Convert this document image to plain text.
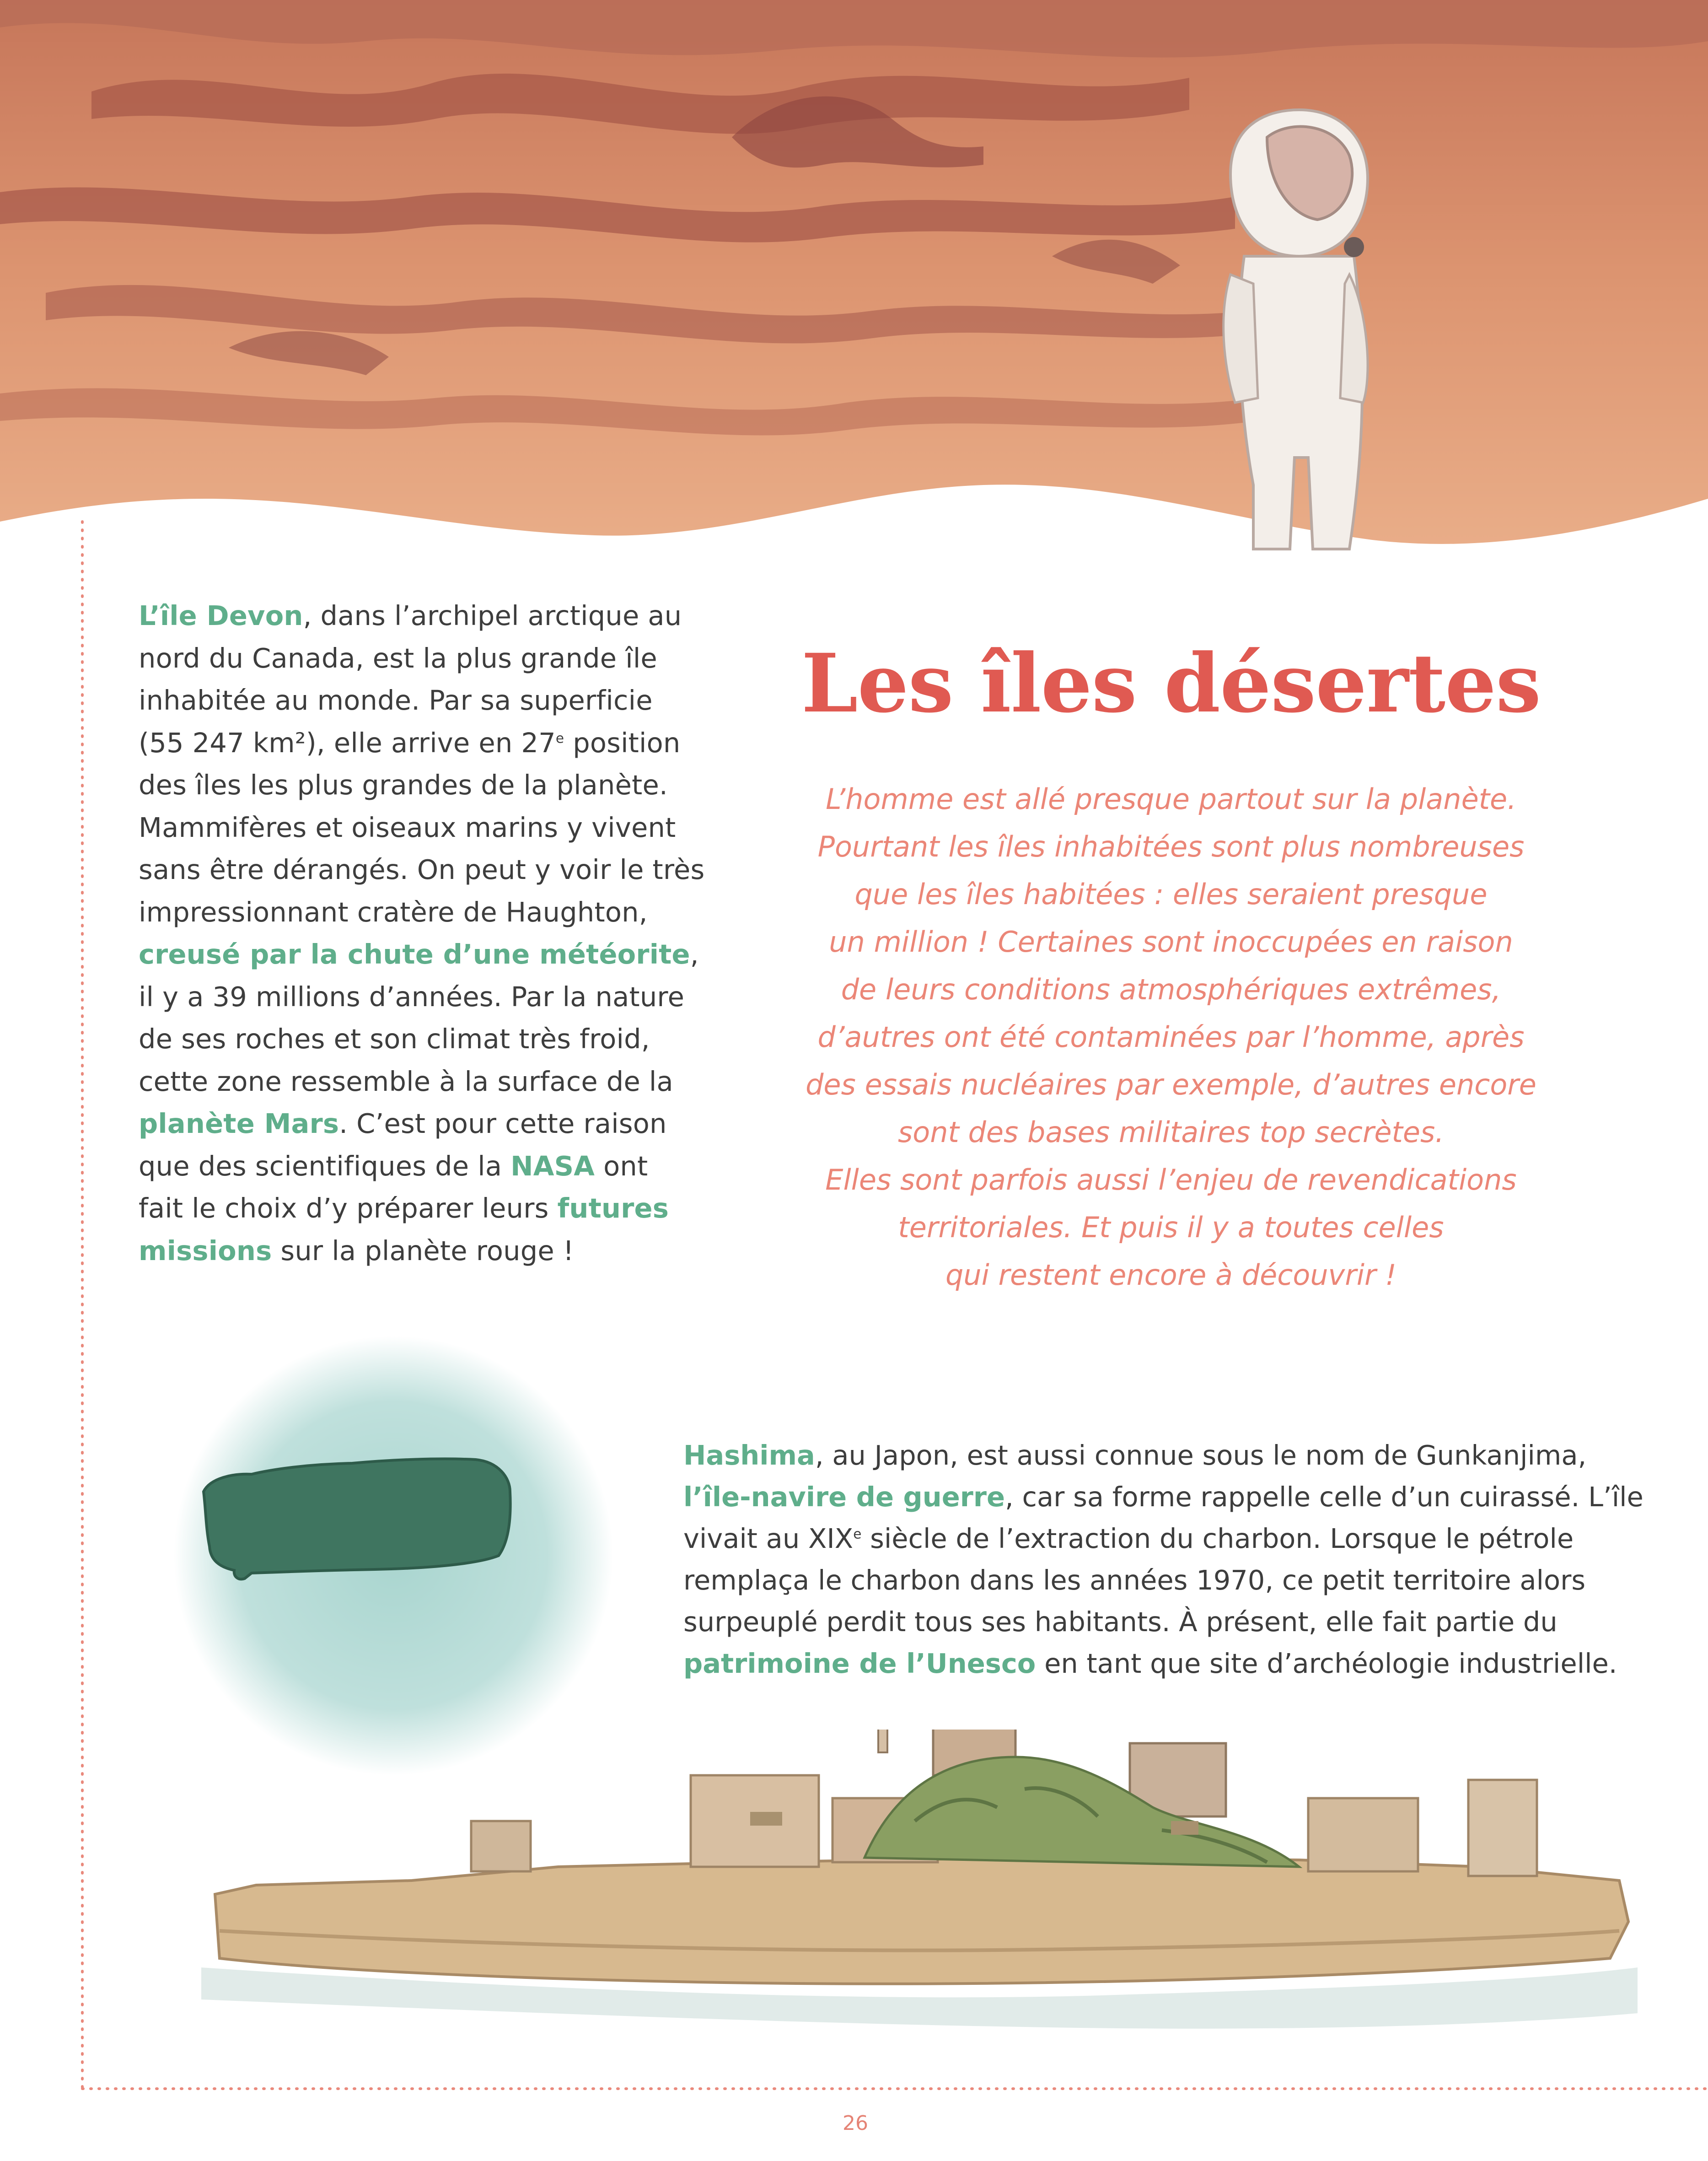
L’île Devon, dans l’archipel arctique au
nord du Canada, est la plus grande île
inhabitée au monde. Par sa superficie
(55 247 km²), elle arrive en 27e position
des îles les plus grandes de la planète.
Mammifères et oiseaux marins y vivent
sans être dérangés. On peut y voir le très
impressionnant cratère de Haughton,
creusé par la chute d’une météorite,
il y a 39 millions d’années. Par la nature
de ses roches et son climat très froid,
cette zone ressemble à la surface de la
planète Mars. C’est pour cette raison
que des scientifiques de la NASA ont
fait le choix d’y préparer leurs futures
missions sur la planète rouge !
Les îles désertes
L’homme est allé presque partout sur la planète.
Pourtant les îles inhabitées sont plus nombreuses
que les îles habitées : elles seraient presque
un million ! Certaines sont inoccupées en raison
de leurs conditions atmosphériques extrêmes,
d’autres ont été contaminées par l’homme, après
des essais nucléaires par exemple, d’autres encore
sont des bases militaires top secrètes.
Elles sont parfois aussi l’enjeu de revendications
territoriales. Et puis il y a toutes celles
qui restent encore à découvrir !
Hashima, au Japon, est aussi connue sous le nom de Gunkanjima,
l’île-navire de guerre, car sa forme rappelle celle d’un cuirassé. L’île
vivait au XIXe siècle de l’extraction du charbon. Lorsque le pétrole
remplaça le charbon dans les années 1970, ce petit territoire alors
surpeuplé perdit tous ses habitants. À présent, elle fait partie du
patrimoine de l’Unesco en tant que site d’archéologie industrielle.
26
